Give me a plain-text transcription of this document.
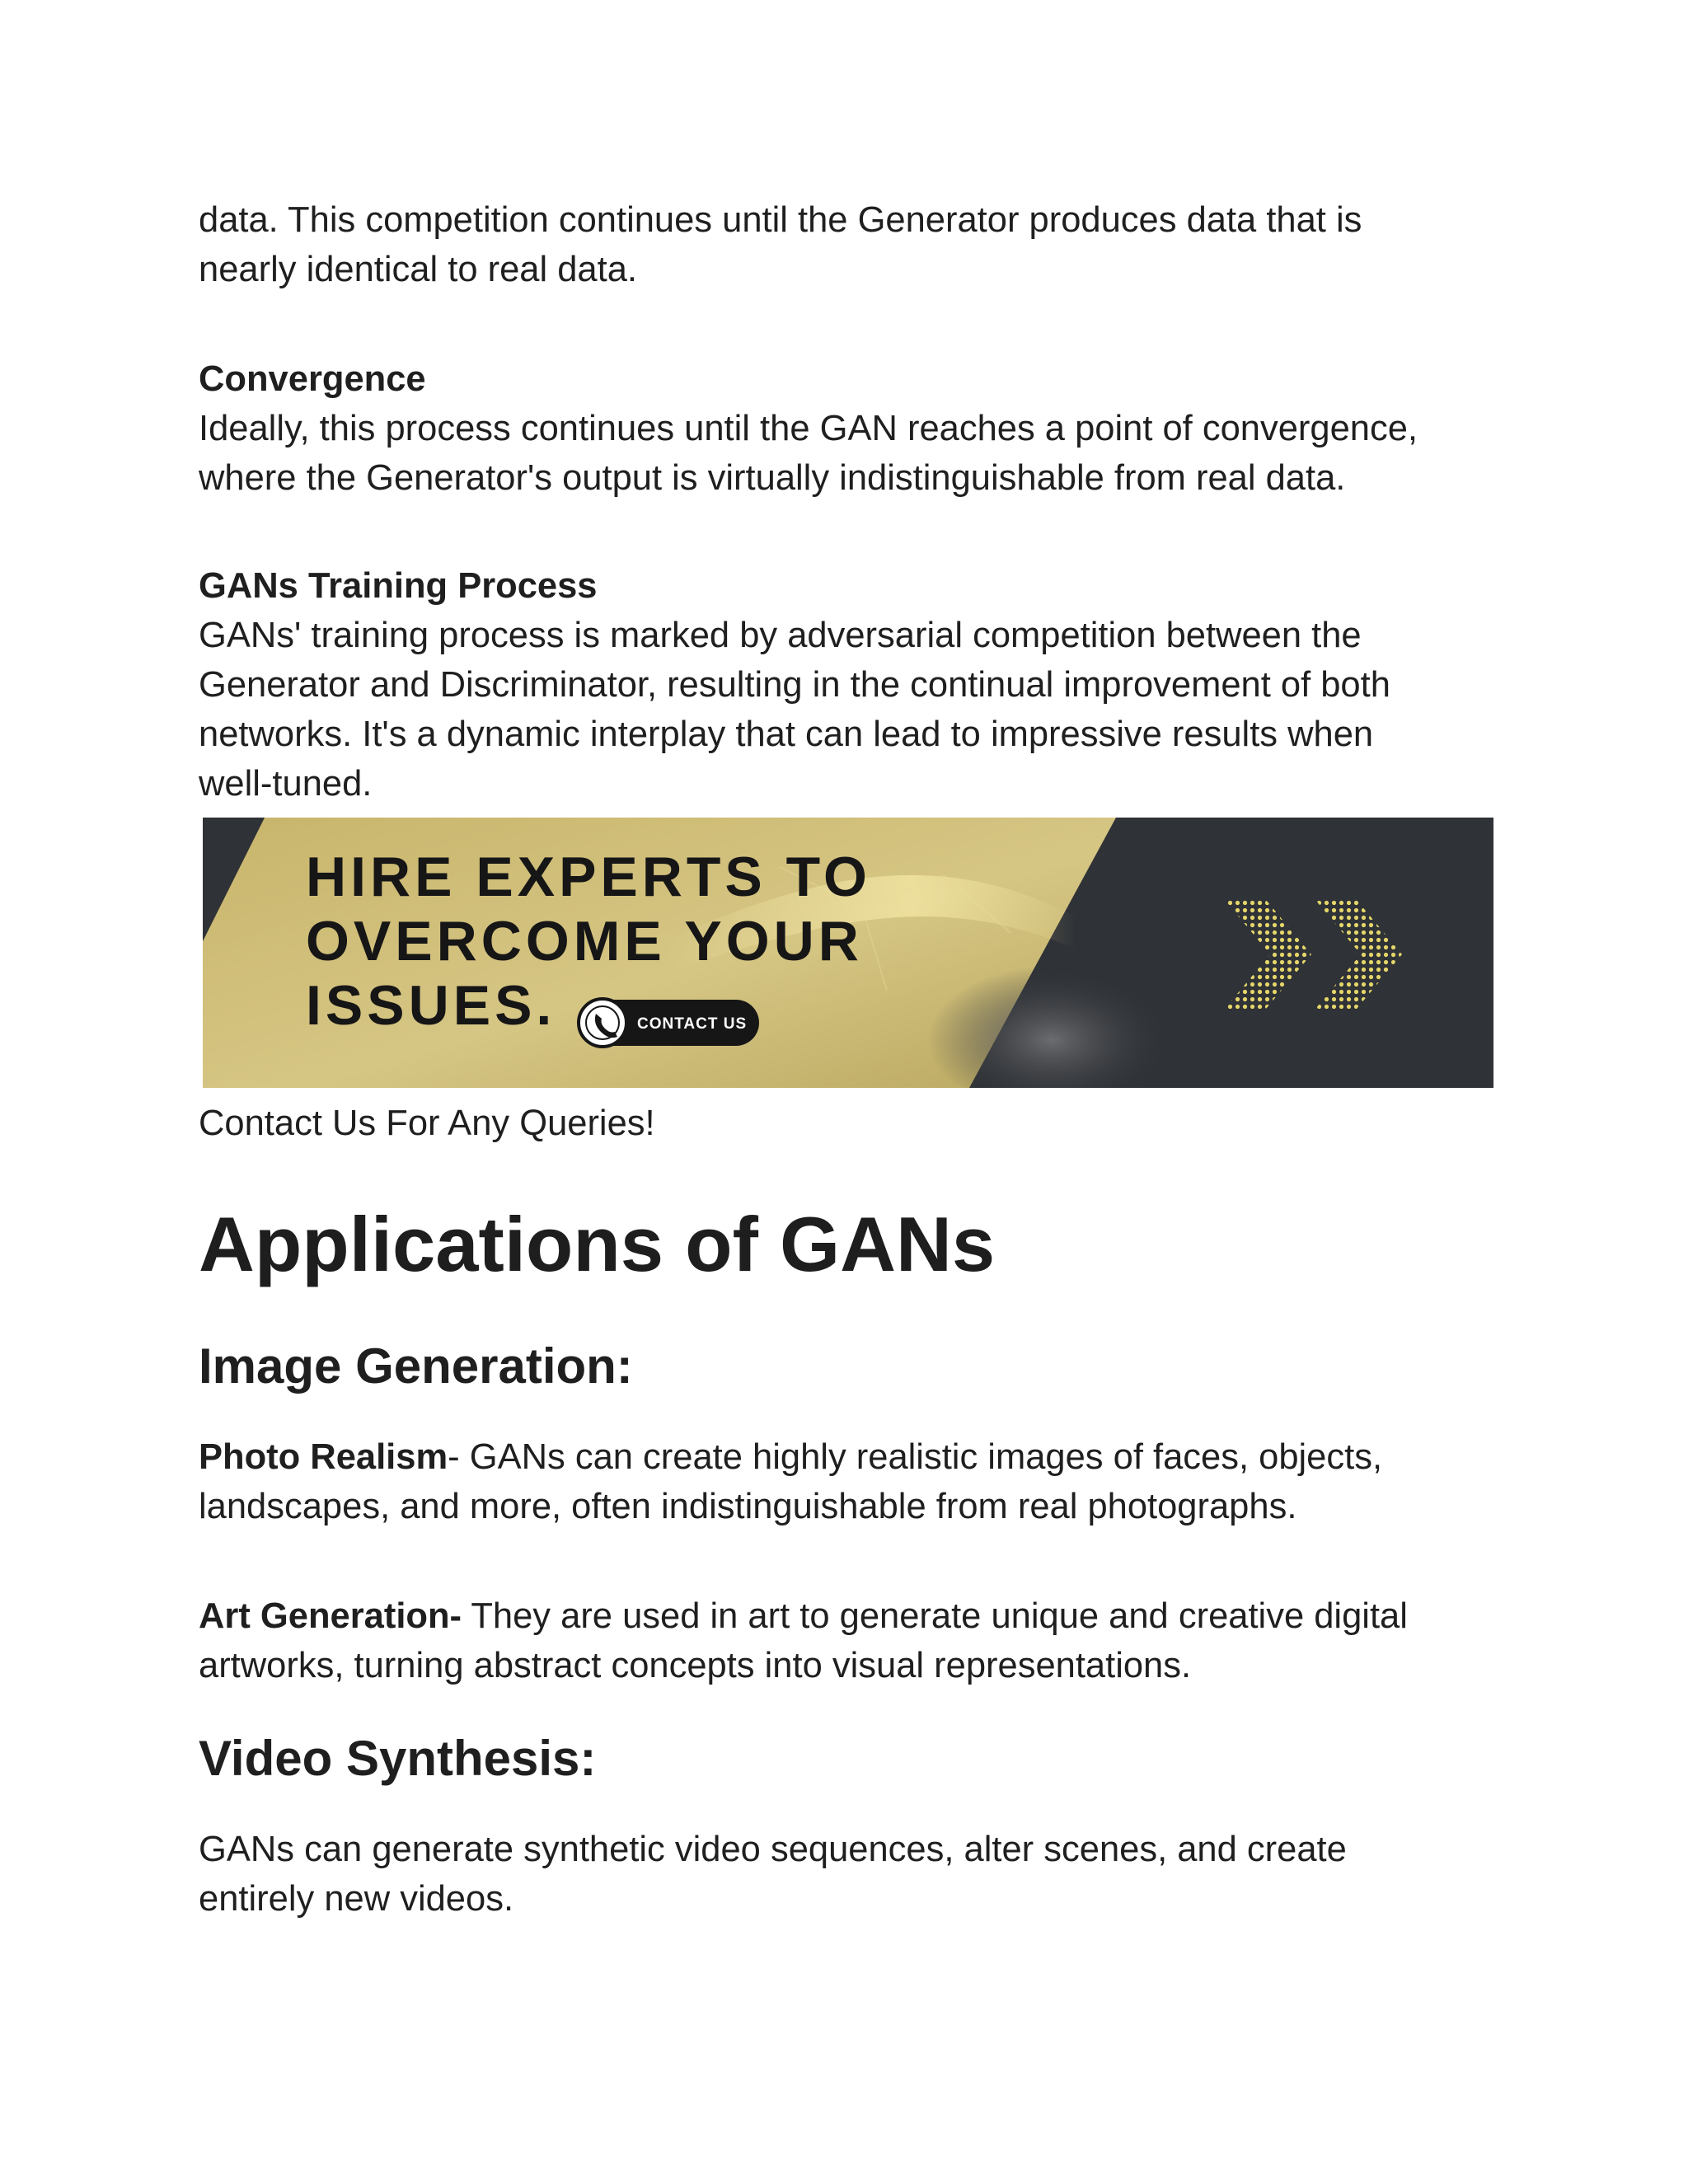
data. This competition continues until the Generator produces data that is
nearly identical to real data.

Convergence
Ideally, this process continues until the GAN reaches a point of convergence,
where the Generator's output is virtually indistinguishable from real data.

GANs Training Process
GANs' training process is marked by adversarial competition between the
Generator and Discriminator, resulting in the continual improvement of both
networks. It's a dynamic interplay that can lead to impressive results when
well-tuned.

HIRE EXPERTS TO
OVERCOME YOUR
ISSUES.	CONTACT US

Contact Us For Any Queries!

Applications of GANs
Image Generation:

Photo Realism- GANs can create highly realistic images of faces, objects,
landscapes, and more, often indistinguishable from real photographs.

Art Generation- They are used in art to generate unique and creative digital
artworks, turning abstract concepts into visual representations.

Video Synthesis:

GANs can generate synthetic video sequences, alter scenes, and create
entirely new videos.
